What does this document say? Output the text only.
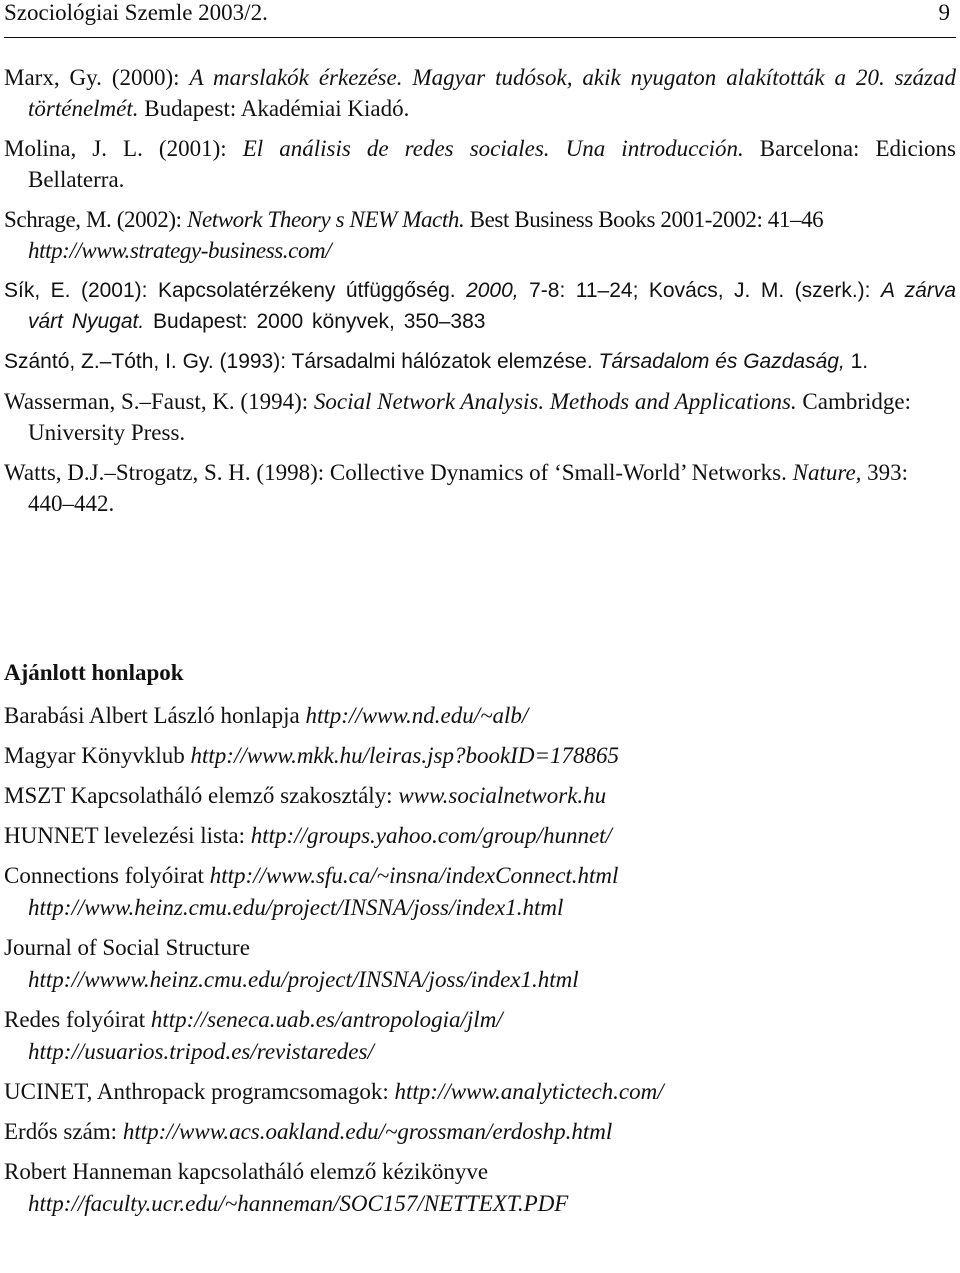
Szociológiai Szemle 2003/2.	9
Marx, Gy. (2000): A marslakók érkezése. Magyar tudósok, akik nyugaton alakították a 20. század történelmét. Budapest: Akadémiai Kiadó.
Molina, J. L. (2001): El análisis de redes sociales. Una introducción. Barcelona: Edicions Bellaterra.
Schrage, M. (2002): Network Theory s NEW Macth. Best Business Books 2001-2002: 41–46 http://www.strategy-business.com/
Sík, E. (2001): Kapcsolatérzékeny útfüggőség. 2000, 7-8: 11–24; Kovács, J. M. (szerk.): A zárva várt Nyugat. Budapest: 2000 könyvek, 350–383
Szántó, Z.–Tóth, I. Gy. (1993): Társadalmi hálózatok elemzése. Társadalom és Gazdaság, 1.
Wasserman, S.–Faust, K. (1994): Social Network Analysis. Methods and Applications. Cambridge: University Press.
Watts, D.J.–Strogatz, S. H. (1998): Collective Dynamics of ‘Small-World’ Networks. Nature, 393: 440–442.
Ajánlott honlapok
Barabási Albert László honlapja http://www.nd.edu/~alb/
Magyar Könyvklub http://www.mkk.hu/leiras.jsp?bookID=178865
MSZT Kapcsolatháló elemző szakosztály: www.socialnetwork.hu
HUNNET levelezési lista: http://groups.yahoo.com/group/hunnet/
Connections folyóirat http://www.sfu.ca/~insna/indexConnect.html
http://www.heinz.cmu.edu/project/INSNA/joss/index1.html
Journal of Social Structure
http://wwww.heinz.cmu.edu/project/INSNA/joss/index1.html
Redes folyóirat http://seneca.uab.es/antropologia/jlm/
http://usuarios.tripod.es/revistaredes/
UCINET, Anthropack programcsomagok: http://www.analytictech.com/
Erdős szám: http://www.acs.oakland.edu/~grossman/erdoshp.html
Robert Hanneman kapcsolatháló elemző kézikönyve
http://faculty.ucr.edu/~hanneman/SOC157/NETTEXT.PDF
